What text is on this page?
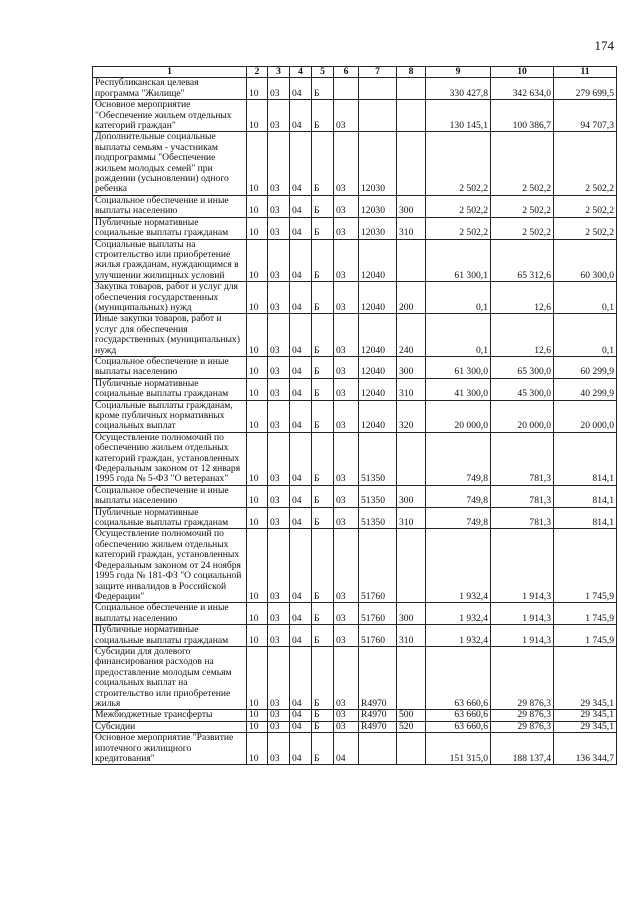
174
1	2	3	4	5	6	7	8	9	10	11
Республиканская целевая программа "Жилище"	10	03	04	Б				330 427,8	342 634,0	279 699,5
Основное мероприятие "Обеспечение жильем отдельных категорий граждан"	10	03	04	Б	03			130 145,1	100 386,7	94 707,3
Дополнительные социальные выплаты семьям - участникам подпрограммы "Обеспечение жильем молодых семей" при рождении (усыновлении) одного ребенка	10	03	04	Б	03	12030		2 502,2	2 502,2	2 502,2
Социальное обеспечение и иные выплаты населению	10	03	04	Б	03	12030	300	2 502,2	2 502,2	2 502,2
Публичные нормативные социальные выплаты гражданам	10	03	04	Б	03	12030	310	2 502,2	2 502,2	2 502,2
Социальные выплаты на строительство или приобретение жилья гражданам, нуждающимся в улучшении жилищных условий	10	03	04	Б	03	12040		61 300,1	65 312,6	60 300,0
Закупка товаров, работ и услуг для обеспечения государственных (муниципальных) нужд	10	03	04	Б	03	12040	200	0,1	12,6	0,1
Иные закупки товаров, работ и услуг для обеспечения государственных (муниципальных) нужд	10	03	04	Б	03	12040	240	0,1	12,6	0,1
Социальное обеспечение и иные выплаты населению	10	03	04	Б	03	12040	300	61 300,0	65 300,0	60 299,9
Публичные нормативные социальные выплаты гражданам	10	03	04	Б	03	12040	310	41 300,0	45 300,0	40 299,9
Социальные выплаты гражданам, кроме публичных нормативных социальных выплат	10	03	04	Б	03	12040	320	20 000,0	20 000,0	20 000,0
Осуществление полномочий по обеспечению жильем отдельных категорий граждан, установленных Федеральным законом от 12 января 1995 года № 5-ФЗ "О ветеранах"	10	03	04	Б	03	51350		749,8	781,3	814,1
Социальное обеспечение и иные выплаты населению	10	03	04	Б	03	51350	300	749,8	781,3	814,1
Публичные нормативные социальные выплаты гражданам	10	03	04	Б	03	51350	310	749,8	781,3	814,1
Осуществление полномочий по обеспечению жильем отдельных категорий граждан, установленных Федеральным законом от 24 ноября 1995 года № 181-ФЗ "О социальной защите инвалидов в Российской Федерации"	10	03	04	Б	03	51760		1 932,4	1 914,3	1 745,9
Социальное обеспечение и иные выплаты населению	10	03	04	Б	03	51760	300	1 932,4	1 914,3	1 745,9
Публичные нормативные социальные выплаты гражданам	10	03	04	Б	03	51760	310	1 932,4	1 914,3	1 745,9
Субсидии для долевого финансирования расходов на предоставление молодым семьям социальных выплат на строительство или приобретение жилья	10	03	04	Б	03	R4970		63 660,6	29 876,3	29 345,1
Межбюджетные трансферты	10	03	04	Б	03	R4970	500	63 660,6	29 876,3	29 345,1
Субсидии	10	03	04	Б	03	R4970	520	63 660,6	29 876,3	29 345,1
Основное мероприятие "Развитие ипотечного жилищного кредитования"	10	03	04	Б	04			151 315,0	188 137,4	136 344,7
